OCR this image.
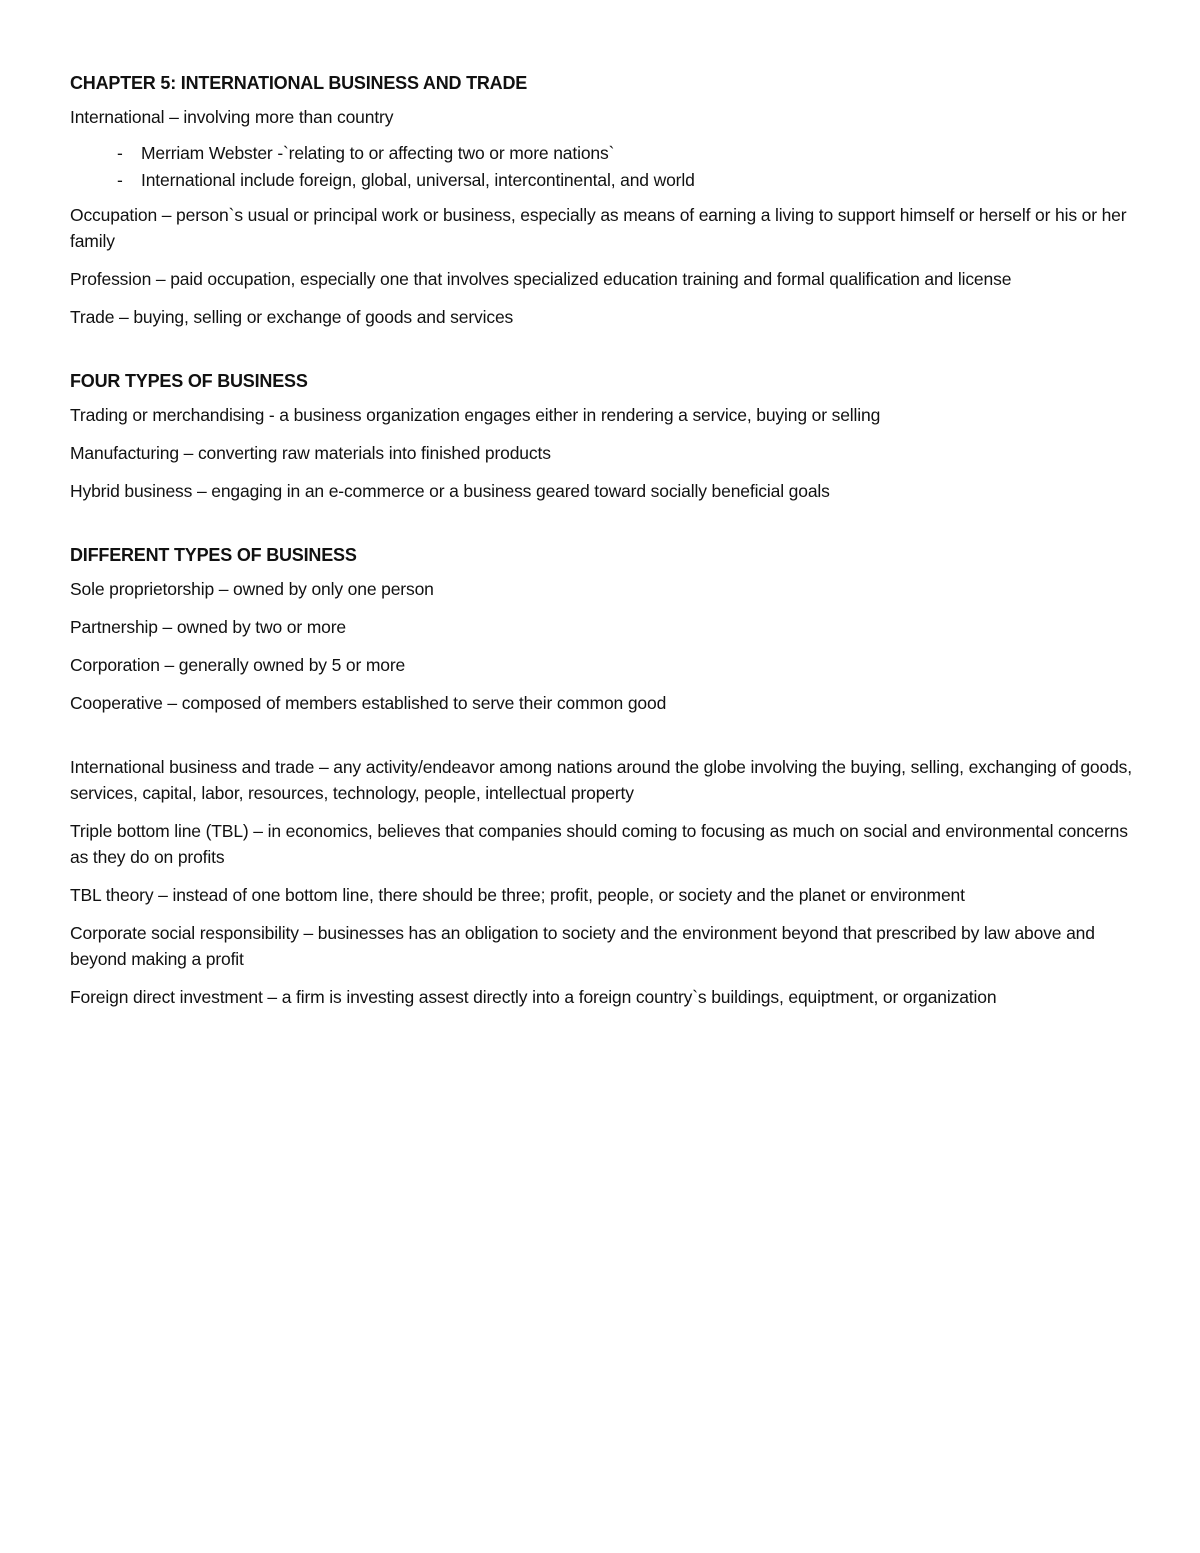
CHAPTER 5: INTERNATIONAL BUSINESS AND TRADE
International – involving more than country
- Merriam Webster -`relating to or affecting two or more nations`
- International include foreign, global, universal, intercontinental, and world
Occupation – person`s usual or principal work or business, especially as means of earning a living to support himself or herself or his or her family
Profession – paid occupation, especially one that involves specialized education training and formal qualification and license
Trade – buying, selling or exchange of goods and services
FOUR TYPES OF BUSINESS
Trading or merchandising - a business organization engages either in rendering a service, buying or selling
Manufacturing – converting raw materials into finished products
Hybrid business – engaging in an e-commerce or a business geared toward socially beneficial goals
DIFFERENT TYPES OF BUSINESS
Sole proprietorship – owned by only one person
Partnership – owned by two or more
Corporation – generally owned by 5 or more
Cooperative – composed of members established to serve their common good
International business and trade – any activity/endeavor among nations around the globe involving the buying, selling, exchanging of goods, services, capital, labor, resources, technology, people, intellectual property
Triple bottom line (TBL) – in economics, believes that companies should coming to focusing as much on social and environmental concerns as they do on profits
TBL theory – instead of one bottom line, there should be three; profit, people, or society and the planet or environment
Corporate social responsibility – businesses has an obligation to society and the environment beyond that prescribed by law above and beyond making a profit
Foreign direct investment – a firm is investing assest directly into a foreign country`s buildings, equiptment, or organization
